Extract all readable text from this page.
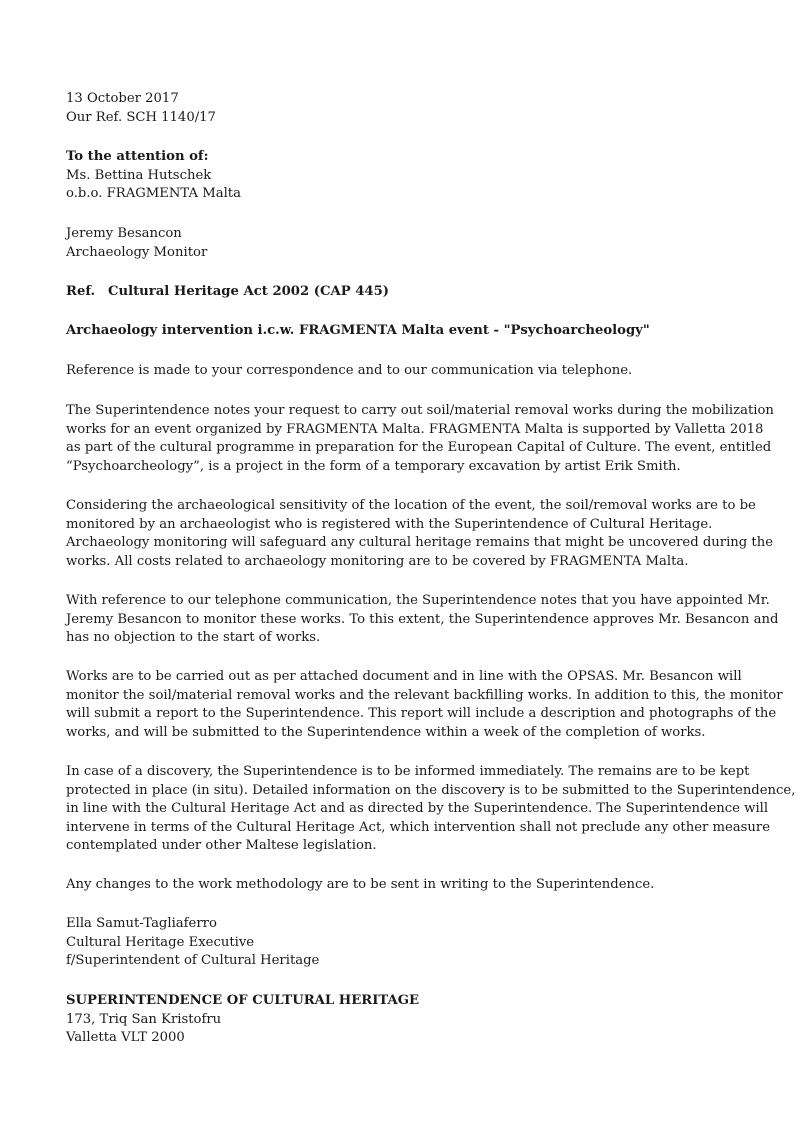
13 October 2017
Our Ref. SCH 1140/17
To the attention of:
Ms. Bettina Hutschek
o.b.o. FRAGMENTA Malta
Jeremy Besancon
Archaeology Monitor
Ref. Cultural Heritage Act 2002 (CAP 445)
Archaeology intervention i.c.w. FRAGMENTA Malta event - "Psychoarcheology"
Reference is made to your correspondence and to our communication via telephone.
The Superintendence notes your request to carry out soil/material removal works during the mobilization
works for an event organized by FRAGMENTA Malta. FRAGMENTA Malta is supported by Valletta 2018
as part of the cultural programme in preparation for the European Capital of Culture. The event, entitled
“Psychoarcheology”, is a project in the form of a temporary excavation by artist Erik Smith.
Considering the archaeological sensitivity of the location of the event, the soil/removal works are to be
monitored by an archaeologist who is registered with the Superintendence of Cultural Heritage.
Archaeology monitoring will safeguard any cultural heritage remains that might be uncovered during the
works. All costs related to archaeology monitoring are to be covered by FRAGMENTA Malta.
With reference to our telephone communication, the Superintendence notes that you have appointed Mr.
Jeremy Besancon to monitor these works. To this extent, the Superintendence approves Mr. Besancon and
has no objection to the start of works.
Works are to be carried out as per attached document and in line with the OPSAS. Mr. Besancon will
monitor the soil/material removal works and the relevant backfilling works. In addition to this, the monitor
will submit a report to the Superintendence. This report will include a description and photographs of the
works, and will be submitted to the Superintendence within a week of the completion of works.
In case of a discovery, the Superintendence is to be informed immediately. The remains are to be kept
protected in place (in situ). Detailed information on the discovery is to be submitted to the Superintendence,
in line with the Cultural Heritage Act and as directed by the Superintendence. The Superintendence will
intervene in terms of the Cultural Heritage Act, which intervention shall not preclude any other measure
contemplated under other Maltese legislation.
Any changes to the work methodology are to be sent in writing to the Superintendence.
Ella Samut-Tagliaferro
Cultural Heritage Executive
f/Superintendent of Cultural Heritage
SUPERINTENDENCE OF CULTURAL HERITAGE
173, Triq San Kristofru
Valletta VLT 2000
